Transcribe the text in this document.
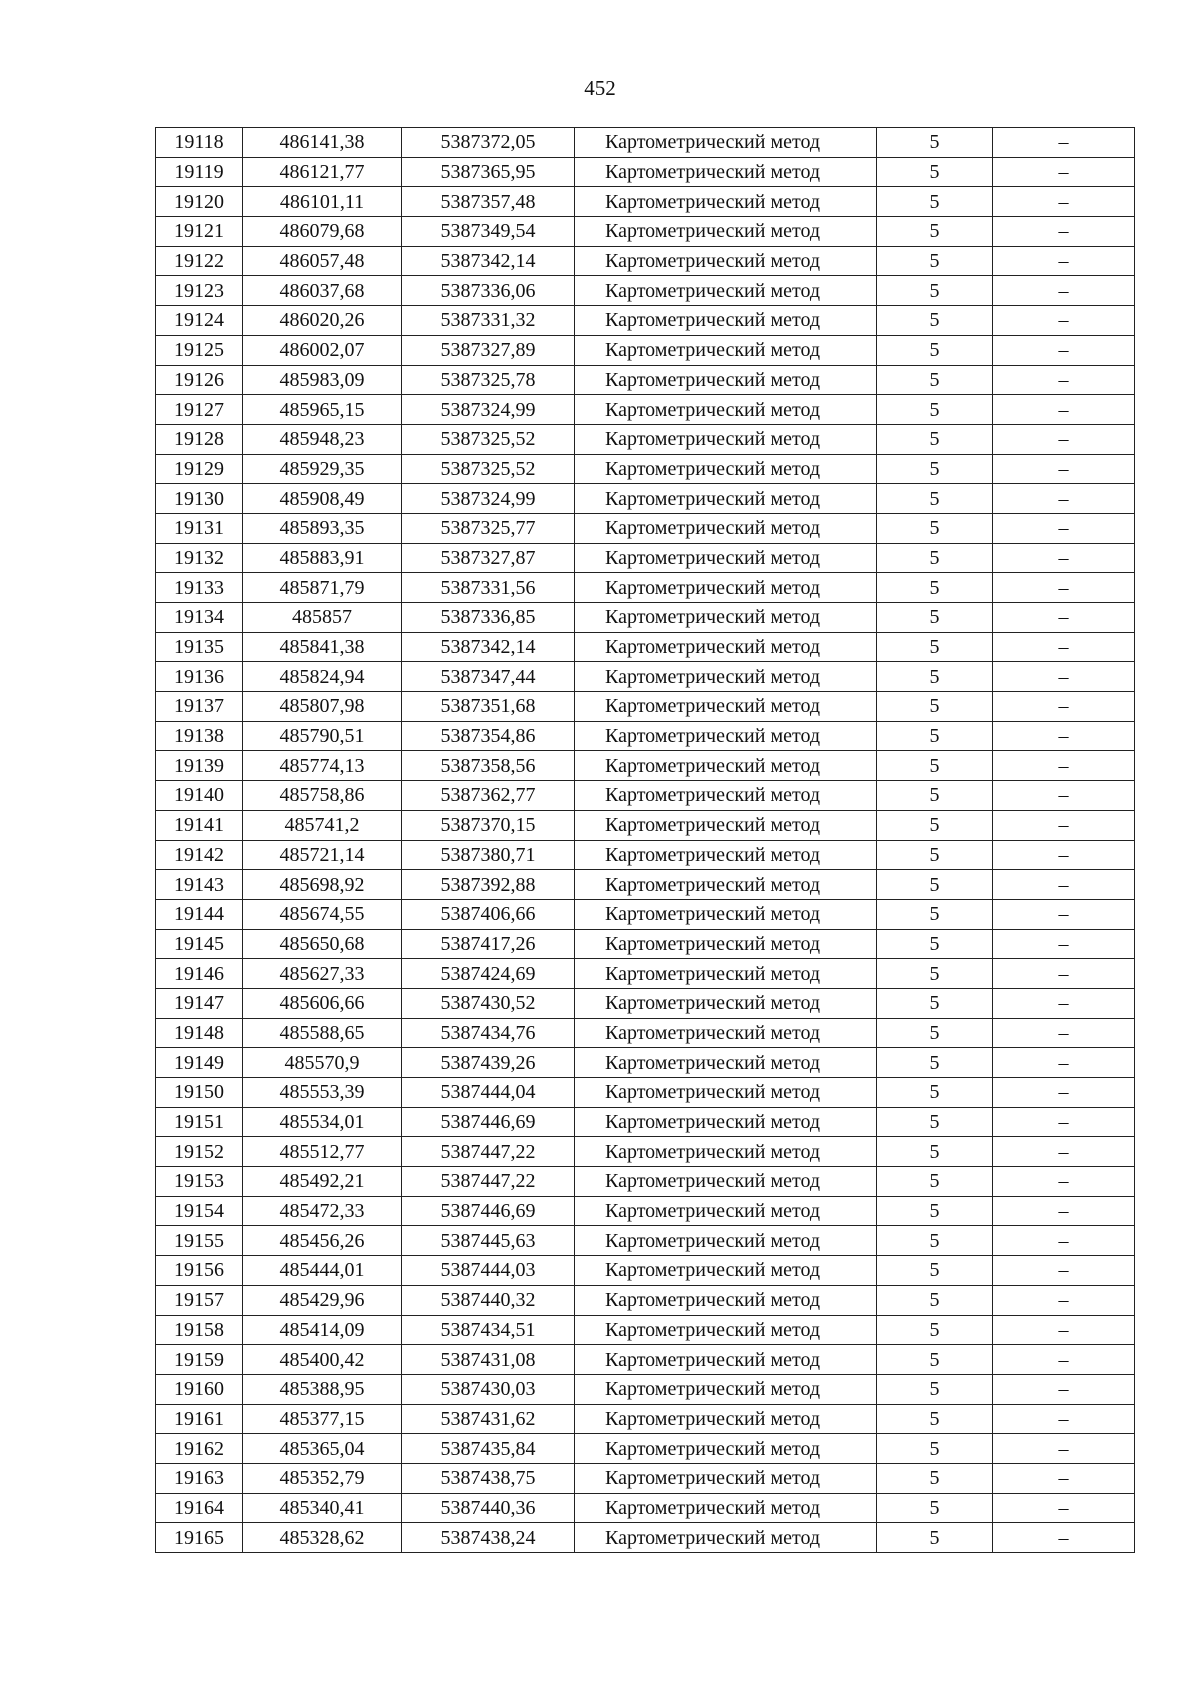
452
19118	486141,38	5387372,05	Картометрический метод	5	–
19119	486121,77	5387365,95	Картометрический метод	5	–
19120	486101,11	5387357,48	Картометрический метод	5	–
19121	486079,68	5387349,54	Картометрический метод	5	–
19122	486057,48	5387342,14	Картометрический метод	5	–
19123	486037,68	5387336,06	Картометрический метод	5	–
19124	486020,26	5387331,32	Картометрический метод	5	–
19125	486002,07	5387327,89	Картометрический метод	5	–
19126	485983,09	5387325,78	Картометрический метод	5	–
19127	485965,15	5387324,99	Картометрический метод	5	–
19128	485948,23	5387325,52	Картометрический метод	5	–
19129	485929,35	5387325,52	Картометрический метод	5	–
19130	485908,49	5387324,99	Картометрический метод	5	–
19131	485893,35	5387325,77	Картометрический метод	5	–
19132	485883,91	5387327,87	Картометрический метод	5	–
19133	485871,79	5387331,56	Картометрический метод	5	–
19134	485857	5387336,85	Картометрический метод	5	–
19135	485841,38	5387342,14	Картометрический метод	5	–
19136	485824,94	5387347,44	Картометрический метод	5	–
19137	485807,98	5387351,68	Картометрический метод	5	–
19138	485790,51	5387354,86	Картометрический метод	5	–
19139	485774,13	5387358,56	Картометрический метод	5	–
19140	485758,86	5387362,77	Картометрический метод	5	–
19141	485741,2	5387370,15	Картометрический метод	5	–
19142	485721,14	5387380,71	Картометрический метод	5	–
19143	485698,92	5387392,88	Картометрический метод	5	–
19144	485674,55	5387406,66	Картометрический метод	5	–
19145	485650,68	5387417,26	Картометрический метод	5	–
19146	485627,33	5387424,69	Картометрический метод	5	–
19147	485606,66	5387430,52	Картометрический метод	5	–
19148	485588,65	5387434,76	Картометрический метод	5	–
19149	485570,9	5387439,26	Картометрический метод	5	–
19150	485553,39	5387444,04	Картометрический метод	5	–
19151	485534,01	5387446,69	Картометрический метод	5	–
19152	485512,77	5387447,22	Картометрический метод	5	–
19153	485492,21	5387447,22	Картометрический метод	5	–
19154	485472,33	5387446,69	Картометрический метод	5	–
19155	485456,26	5387445,63	Картометрический метод	5	–
19156	485444,01	5387444,03	Картометрический метод	5	–
19157	485429,96	5387440,32	Картометрический метод	5	–
19158	485414,09	5387434,51	Картометрический метод	5	–
19159	485400,42	5387431,08	Картометрический метод	5	–
19160	485388,95	5387430,03	Картометрический метод	5	–
19161	485377,15	5387431,62	Картометрический метод	5	–
19162	485365,04	5387435,84	Картометрический метод	5	–
19163	485352,79	5387438,75	Картометрический метод	5	–
19164	485340,41	5387440,36	Картометрический метод	5	–
19165	485328,62	5387438,24	Картометрический метод	5	–
